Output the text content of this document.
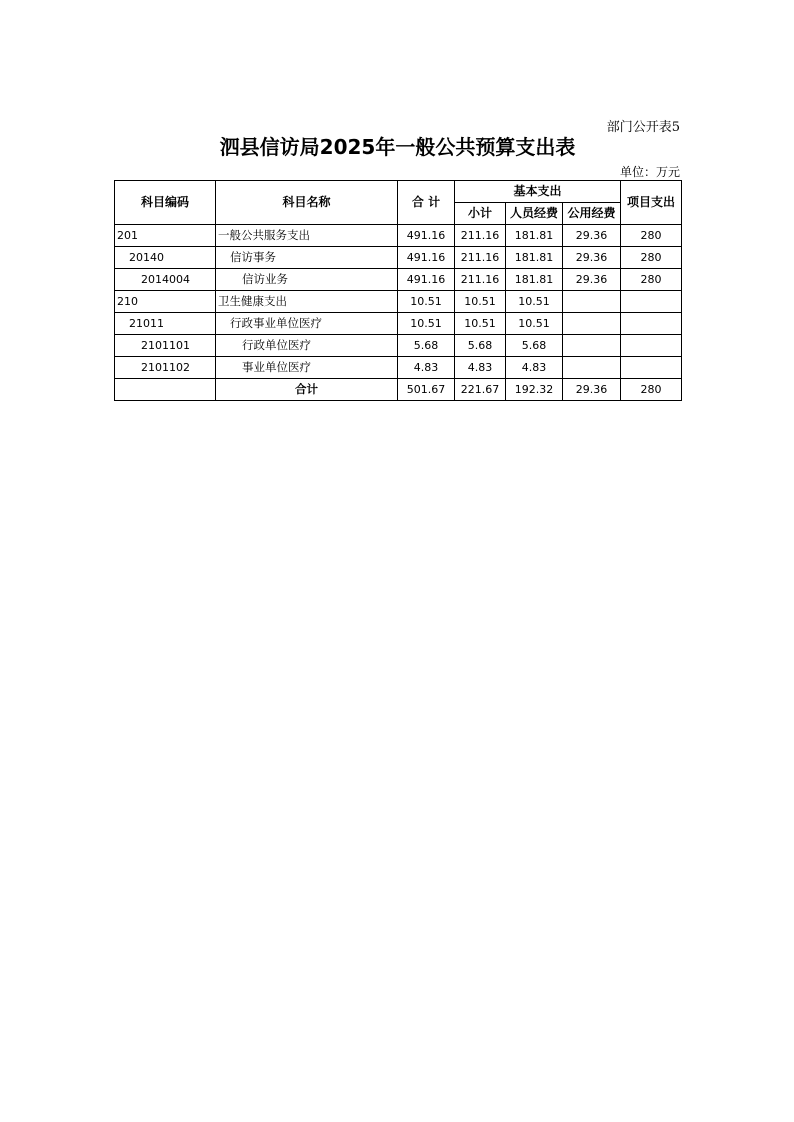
部门公开表5
泗县信访局2025年一般公共预算支出表
单位：万元
科目编码	科目名称	合 计	基本支出			项目支出
			小计	人员经费	公用经费	
201	一般公共服务支出	491.16	211.16	181.81	29.36	280
20140	信访事务	491.16	211.16	181.81	29.36	280
2014004	信访业务	491.16	211.16	181.81	29.36	280
210	卫生健康支出	10.51	10.51	10.51		
21011	行政事业单位医疗	10.51	10.51	10.51		
2101101	行政单位医疗	5.68	5.68	5.68		
2101102	事业单位医疗	4.83	4.83	4.83		
	合计	501.67	221.67	192.32	29.36	280
